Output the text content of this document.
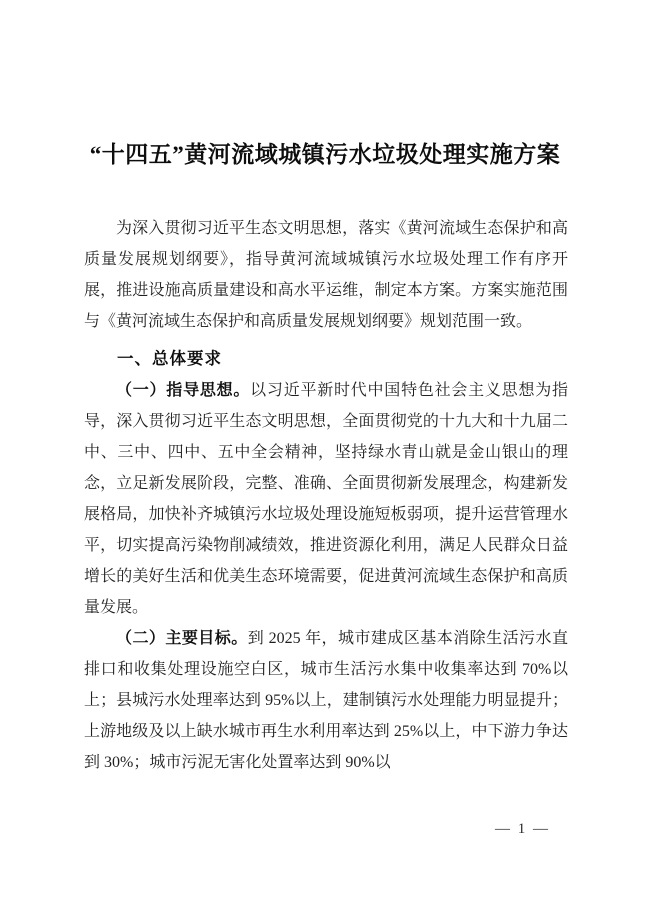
“十四五”黄河流域城镇污水垃圾处理实施方案

为深入贯彻习近平生态文明思想，落实《黄河流域生态保护和高质量发展规划纲要》，指导黄河流域城镇污水垃圾处理工作有序开展，推进设施高质量建设和高水平运维，制定本方案。方案实施范围与《黄河流域生态保护和高质量发展规划纲要》规划范围一致。

一、总体要求

（一）指导思想。以习近平新时代中国特色社会主义思想为指导，深入贯彻习近平生态文明思想，全面贯彻党的十九大和十九届二中、三中、四中、五中全会精神，坚持绿水青山就是金山银山的理念，立足新发展阶段，完整、准确、全面贯彻新发展理念，构建新发展格局，加快补齐城镇污水垃圾处理设施短板弱项，提升运营管理水平，切实提高污染物削减绩效，推进资源化利用，满足人民群众日益增长的美好生活和优美生态环境需要，促进黄河流域生态保护和高质量发展。

（二）主要目标。到 2025 年，城市建成区基本消除生活污水直排口和收集处理设施空白区，城市生活污水集中收集率达到 70%以上；县城污水处理率达到 95%以上，建制镇污水处理能力明显提升；上游地级及以上缺水城市再生水利用率达到 25%以上，中下游力争达到 30%；城市污泥无害化处置率达到 90%以

— 1 —
